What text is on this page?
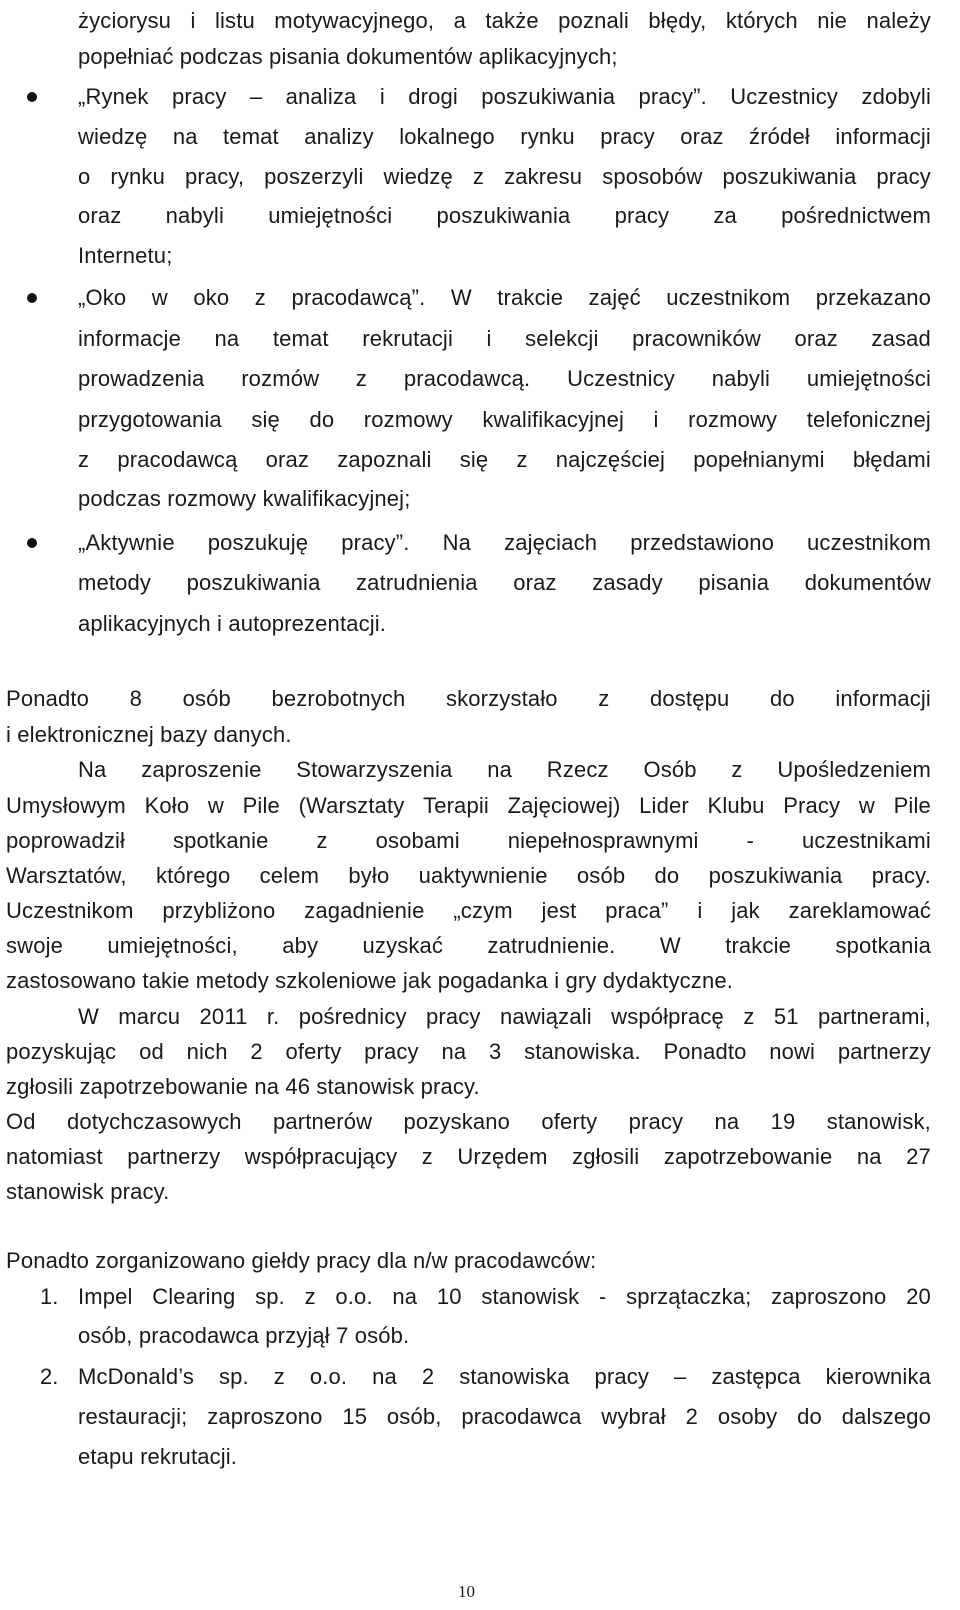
życiorysu i listu motywacyjnego, a także poznali błędy, których nie należy
popełniać podczas pisania dokumentów aplikacyjnych;
„Rynek pracy – analiza i drogi poszukiwania pracy”. Uczestnicy zdobyli
wiedzę na temat analizy lokalnego rynku pracy oraz źródeł informacji
o rynku pracy, poszerzyli wiedzę z zakresu sposobów poszukiwania pracy
oraz nabyli umiejętności poszukiwania pracy za pośrednictwem
Internetu;
„Oko w oko z pracodawcą”. W trakcie zajęć uczestnikom przekazano
informacje na temat rekrutacji i selekcji pracowników oraz zasad
prowadzenia rozmów z pracodawcą. Uczestnicy nabyli umiejętności
przygotowania się do rozmowy kwalifikacyjnej i rozmowy telefonicznej
z pracodawcą oraz zapoznali się z najczęściej popełnianymi błędami
podczas rozmowy kwalifikacyjnej;
„Aktywnie poszukuję pracy”. Na zajęciach przedstawiono uczestnikom
metody poszukiwania zatrudnienia oraz zasady pisania dokumentów
aplikacyjnych i autoprezentacji.
Ponadto 8 osób bezrobotnych skorzystało z dostępu do informacji
i elektronicznej bazy danych.
Na zaproszenie Stowarzyszenia na Rzecz Osób z Upośledzeniem
Umysłowym Koło w Pile (Warsztaty Terapii Zajęciowej) Lider Klubu Pracy w Pile
poprowadził spotkanie z osobami niepełnosprawnymi - uczestnikami
Warsztatów, którego celem było uaktywnienie osób do poszukiwania pracy.
Uczestnikom przybliżono zagadnienie „czym jest praca” i jak zareklamować
swoje umiejętności, aby uzyskać zatrudnienie. W trakcie spotkania
zastosowano takie metody szkoleniowe jak pogadanka i gry dydaktyczne.
W marcu 2011 r. pośrednicy pracy nawiązali współpracę z 51 partnerami,
pozyskując od nich 2 oferty pracy na 3 stanowiska. Ponadto nowi partnerzy
zgłosili zapotrzebowanie na 46 stanowisk pracy.
Od dotychczasowych partnerów pozyskano oferty pracy na 19 stanowisk,
natomiast partnerzy współpracujący z Urzędem zgłosili zapotrzebowanie na 27
stanowisk pracy.
Ponadto zorganizowano giełdy pracy dla n/w pracodawców:
1. Impel Clearing sp. z o.o. na 10 stanowisk - sprzątaczka; zaproszono 20
osób, pracodawca przyjął 7 osób.
2. McDonald’s sp. z o.o. na 2 stanowiska pracy – zastępca kierownika
restauracji; zaproszono 15 osób, pracodawca wybrał 2 osoby do dalszego
etapu rekrutacji.
10
